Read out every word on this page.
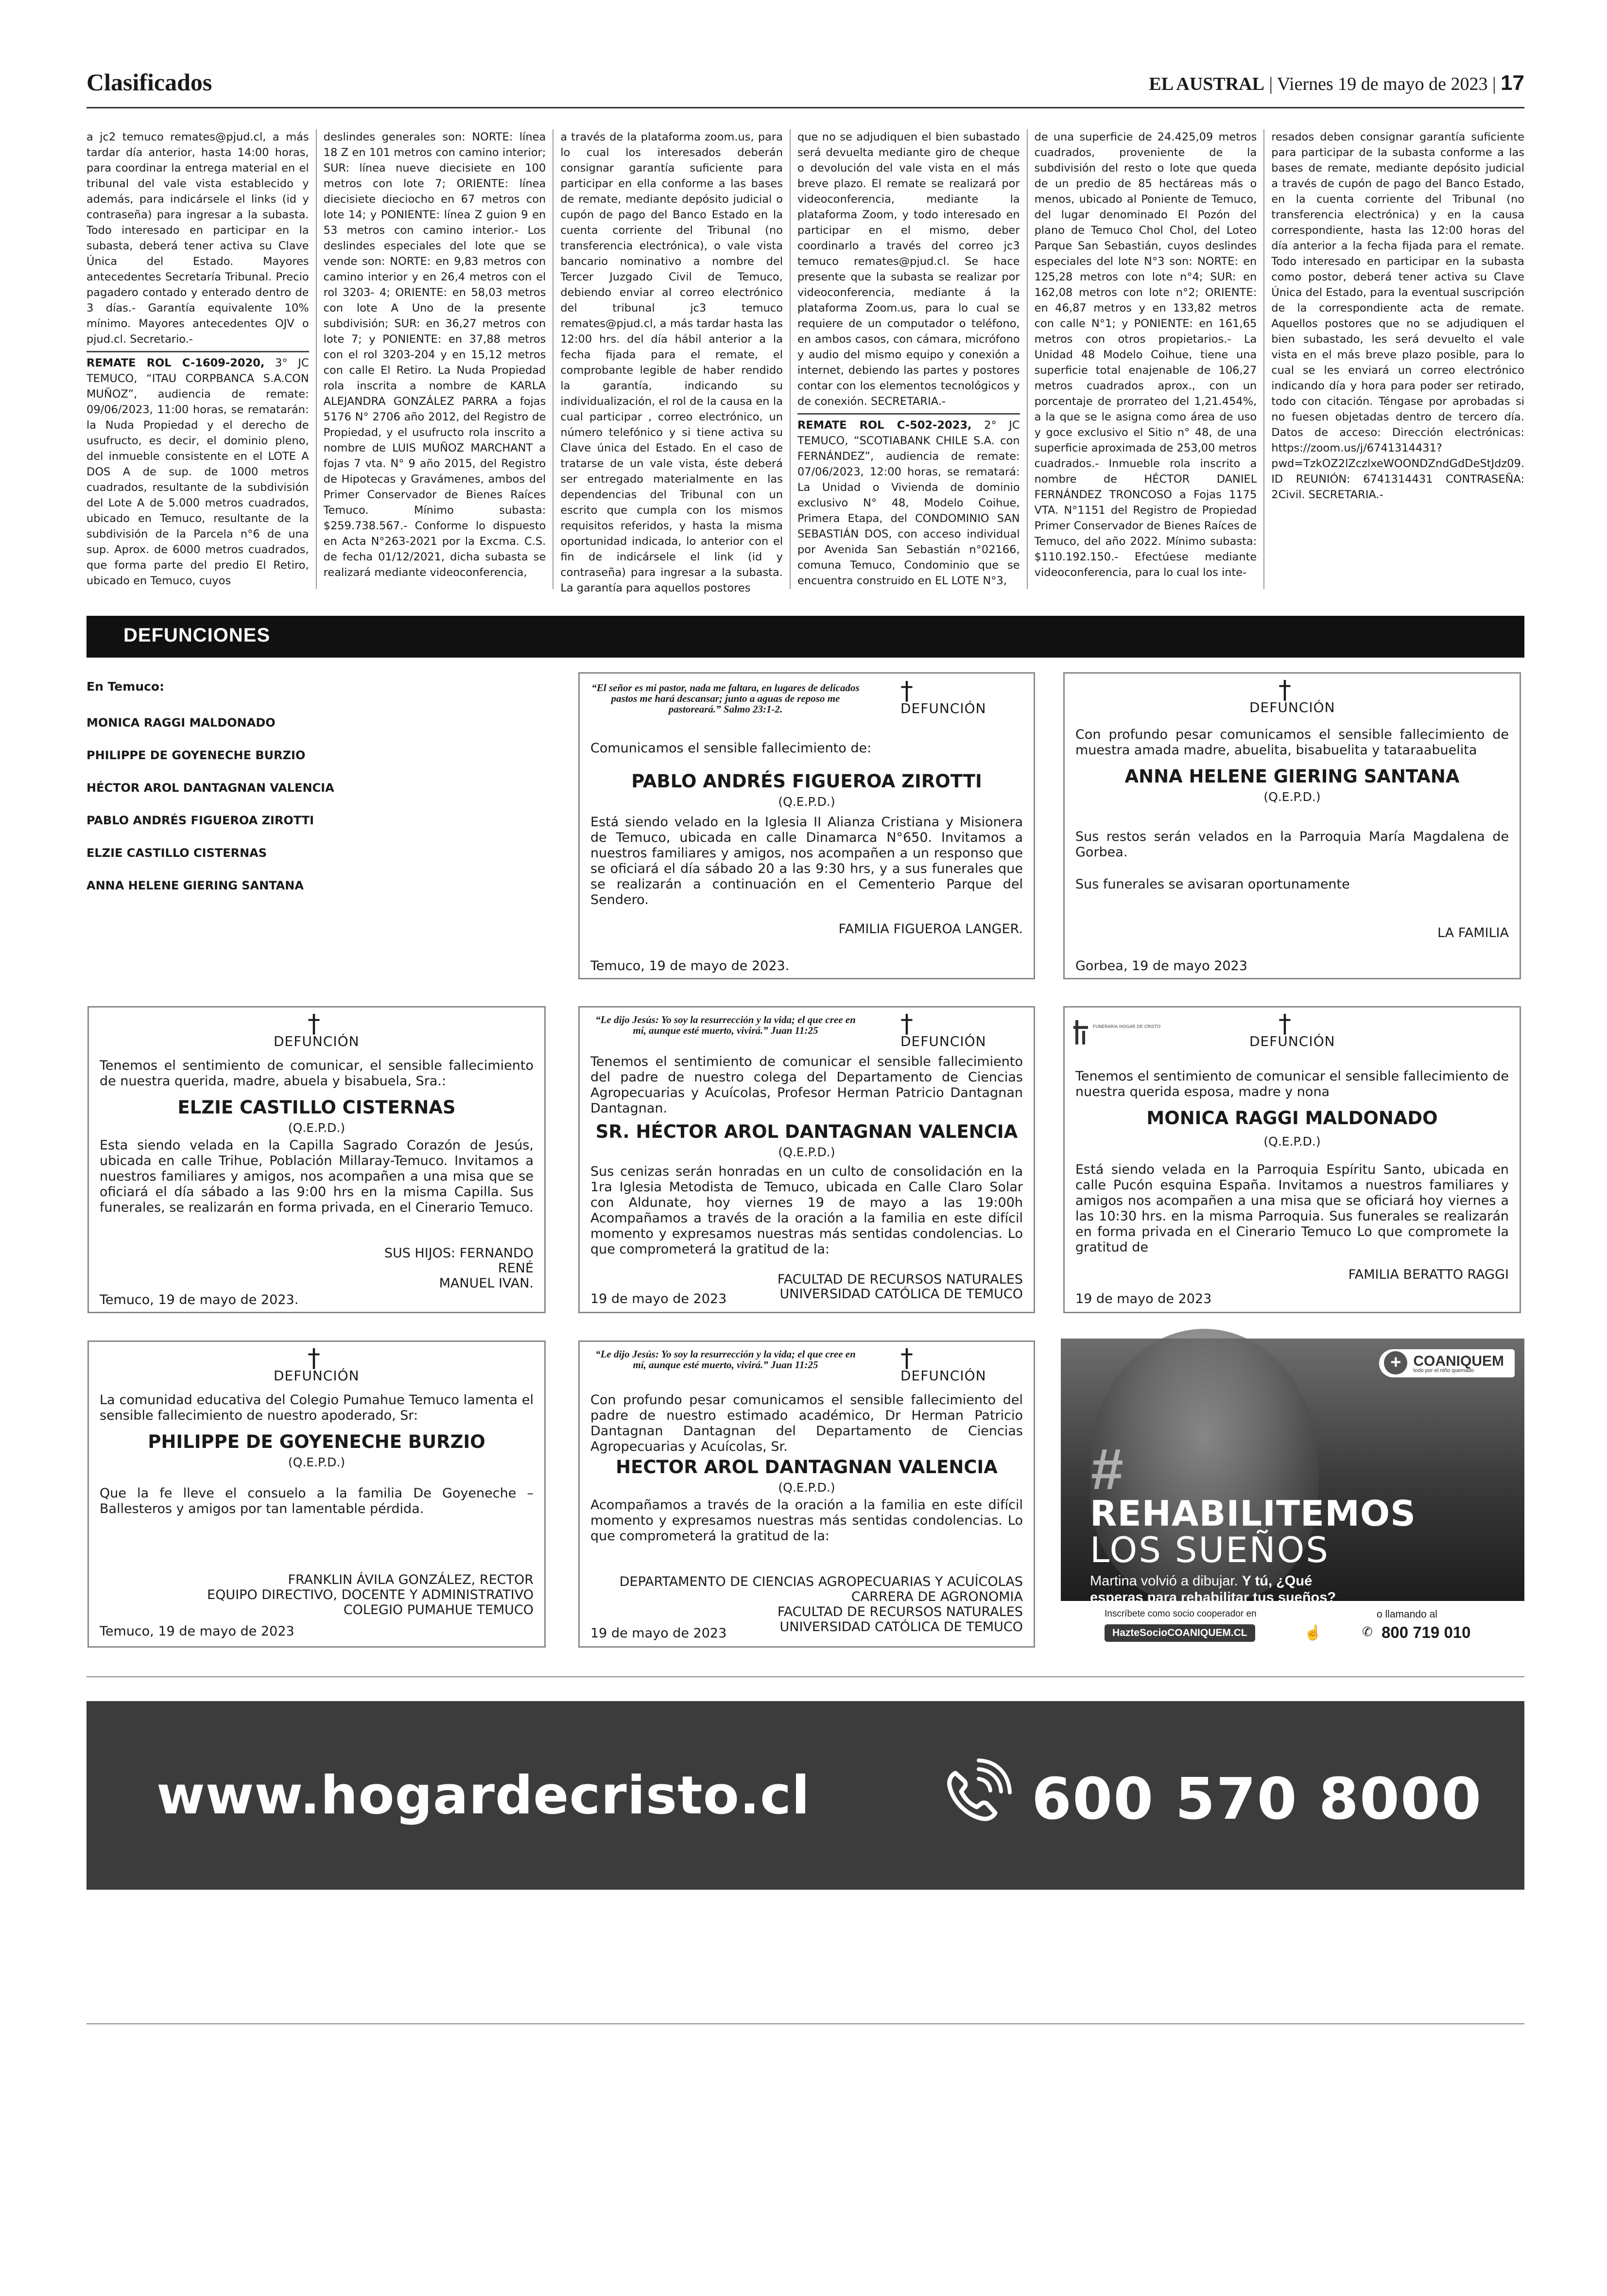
Clasificados	EL AUSTRAL | Viernes 19 de mayo de 2023 | 17

a jc2 temuco remates@pjud.cl, a más tardar día anterior, hasta 14:00 horas, para coordinar la entrega material en el tribunal del vale vista establecido y además, para indicársele el links (id y contraseña) para ingresar a la subasta. Todo interesado en participar en la subasta, deberá tener activa su Clave Única del Estado. Mayores antecedentes Secretaría Tribunal. Precio pagadero contado y enterado dentro de 3 días.- Garantía equivalente 10% mínimo. Mayores antecedentes OJV o pjud.cl. Secretario.-

REMATE ROL C-1609-2020, 3° JC TEMUCO, “ITAU CORPBANCA S.A.CON MUÑOZ”, audiencia de remate: 09/06/2023, 11:00 horas, se rematarán: la Nuda Propiedad y el derecho de usufructo, es decir, el dominio pleno, del inmueble consistente en el LOTE A DOS A de sup. de 1000 metros cuadrados, resultante de la subdivisión del Lote A de 5.000 metros cuadrados, ubicado en Temuco, resultante de la subdivisión de la Parcela n°6 de una sup. Aprox. de 6000 metros cuadrados, que forma parte del predio El Retiro, ubicado en Temuco, cuyos

deslindes generales son: NORTE: línea 18 Z en 101 metros con camino interior; SUR: línea nueve diecisiete en 100 metros con lote 7; ORIENTE: línea diecisiete dieciocho en 67 metros con lote 14; y PONIENTE: línea Z guion 9 en 53 metros con camino interior.- Los deslindes especiales del lote que se vende son: NORTE: en 9,83 metros con camino interior y en 26,4 metros con el rol 3203- 4; ORIENTE: en 58,03 metros con lote A Uno de la presente subdivisión; SUR: en 36,27 metros con lote 7; y PONIENTE: en 37,88 metros con el rol 3203-204 y en 15,12 metros con calle El Retiro. La Nuda Propiedad rola inscrita a nombre de KARLA ALEJANDRA GONZÁLEZ PARRA a fojas 5176 N° 2706 año 2012, del Registro de Propiedad, y el usufructo rola inscrito a nombre de LUIS MUÑOZ MARCHANT a fojas 7 vta. N° 9 año 2015, del Registro de Hipotecas y Gravámenes, ambos del Primer Conservador de Bienes Raíces Temuco. Mínimo subasta: $259.738.567.- Conforme lo dispuesto en Acta N°263-2021 por la Excma. C.S. de fecha 01/12/2021, dicha subasta se realizará mediante videoconferencia,

a través de la plataforma zoom.us, para lo cual los interesados deberán consignar garantía suficiente para participar en ella conforme a las bases de remate, mediante depósito judicial o cupón de pago del Banco Estado en la cuenta corriente del Tribunal (no transferencia electrónica), o vale vista bancario nominativo a nombre del Tercer Juzgado Civil de Temuco, debiendo enviar al correo electrónico del tribunal jc3 temuco remates@pjud.cl, a más tardar hasta las 12:00 hrs. del día hábil anterior a la fecha fijada para el remate, el comprobante legible de haber rendido la garantía, indicando su individualización, el rol de la causa en la cual participar , correo electrónico, un número telefónico y si tiene activa su Clave única del Estado. En el caso de tratarse de un vale vista, éste deberá ser entregado materialmente en las dependencias del Tribunal con un escrito que cumpla con los mismos requisitos referidos, y hasta la misma oportunidad indicada, lo anterior con el fin de indicársele el link (id y contraseña) para ingresar a la subasta. La garantía para aquellos postores

que no se adjudiquen el bien subastado será devuelta mediante giro de cheque o devolución del vale vista en el más breve plazo. El remate se realizará por videoconferencia, mediante la plataforma Zoom, y todo interesado en participar en el mismo, deber coordinarlo a través del correo jc3 temuco remates@pjud.cl. Se hace presente que la subasta se realizar por videoconferencia, mediante á la plataforma Zoom.us, para lo cual se requiere de un computador o teléfono, en ambos casos, con cámara, micrófono y audio del mismo equipo y conexión a internet, debiendo las partes y postores contar con los elementos tecnológicos y de conexión. SECRETARIA.-

REMATE ROL C-502-2023, 2° JC TEMUCO, “SCOTIABANK CHILE S.A. con FERNÁNDEZ”, audiencia de remate: 07/06/2023, 12:00 horas, se rematará: La Unidad o Vivienda de dominio exclusivo N° 48, Modelo Coihue, Primera Etapa, del CONDOMINIO SAN SEBASTIÁN DOS, con acceso individual por Avenida San Sebastián n°02166, comuna Temuco, Condominio que se encuentra construido en EL LOTE N°3,

de una superficie de 24.425,09 metros cuadrados, proveniente de la subdivisión del resto o lote que queda de un predio de 85 hectáreas más o menos, ubicado al Poniente de Temuco, del lugar denominado El Pozón del plano de Temuco Chol Chol, del Loteo Parque San Sebastián, cuyos deslindes especiales del lote N°3 son: NORTE: en 125,28 metros con lote n°4; SUR: en 162,08 metros con lote n°2; ORIENTE: en 46,87 metros y en 133,82 metros con calle N°1; y PONIENTE: en 161,65 metros con otros propietarios.- La Unidad 48 Modelo Coihue, tiene una superficie total enajenable de 106,27 metros cuadrados aprox., con un porcentaje de prorrateo del 1,21.454%, a la que se le asigna como área de uso y goce exclusivo el Sitio n° 48, de una superficie aproximada de 253,00 metros cuadrados.- Inmueble rola inscrito a nombre de HÉCTOR DANIEL FERNÁNDEZ TRONCOSO a Fojas 1175 VTA. N°1151 del Registro de Propiedad Primer Conservador de Bienes Raíces de Temuco, del año 2022. Mínimo subasta: $110.192.150.- Efectúese mediante videoconferencia, para lo cual los inte-

resados deben consignar garantía suficiente para participar de la subasta conforme a las bases de remate, mediante depósito judicial a través de cupón de pago del Banco Estado, en la cuenta corriente del Tribunal (no transferencia electrónica) y en la causa correspondiente, hasta las 12:00 horas del día anterior a la fecha fijada para el remate. Todo interesado en participar en la subasta como postor, deberá tener activa su Clave Única del Estado, para la eventual suscripción de la correspondiente acta de remate. Aquellos postores que no se adjudiquen el bien subastado, les será devuelto el vale vista en el más breve plazo posible, para lo cual se les enviará un correo electrónico indicando día y hora para poder ser retirado, todo con citación. Téngase por aprobadas si no fuesen objetadas dentro de tercero día. Datos de acceso: Dirección electrónicas: https://zoom.us/j/6741314431?pwd=TzkOZ2lZczlxeWOONDZndGdDeStJdz09. ID REUNIÓN: 6741314431 CONTRASEÑA: 2Civil. SECRETARIA.-

DEFUNCIONES
En Temuco:
MONICA RAGGI MALDONADO
PHILIPPE DE GOYENECHE BURZIO
HÉCTOR AROL DANTAGNAN VALENCIA
PABLO ANDRÉS FIGUEROA ZIROTTI
ELZIE CASTILLO CISTERNAS
ANNA HELENE GIERING SANTANA
“El señor es mi pastor, nada me faltara, en lugares de delicados pastos me hará descansar; junto a aguas de reposo me pastoreará.” Salmo 23:1-2.
†
DEFUNCIÓN
Comunicamos el sensible fallecimiento de:
PABLO ANDRÉS FIGUEROA ZIROTTI
(Q.E.P.D.)
Está siendo velado en la Iglesia II Alianza Cristiana y Misionera de Temuco, ubicada en calle Dinamarca N°650. Invitamos a nuestros familiares y amigos, nos acompañen a un responso que se oficiará el día sábado 20 a las 9:30 hrs, y a sus funerales que se realizarán a continuación en el Cementerio Parque del Sendero.
FAMILIA FIGUEROA LANGER.
Temuco, 19 de mayo de 2023.
†
DEFUNCIÓN
Con profundo pesar comunicamos el sensible fallecimiento de muestra amada madre, abuelita, bisabuelita y tataraabuelita
ANNA HELENE GIERING SANTANA
(Q.E.P.D.)
Sus restos serán velados en la Parroquia María Magdalena de Gorbea.
Sus funerales se avisaran oportunamente
LA FAMILIA
Gorbea, 19 de mayo 2023
†
DEFUNCIÓN
Tenemos el sentimiento de comunicar, el sensible fallecimiento de nuestra querida, madre, abuela y bisabuela, Sra.:
ELZIE CASTILLO CISTERNAS
(Q.E.P.D.)
Esta siendo velada en la Capilla Sagrado Corazón de Jesús, ubicada en calle Trihue, Población Millaray-Temuco. Invitamos a nuestros familiares y amigos, nos acompañen a una misa que se oficiará el día sábado a las 9:00 hrs en la misma Capilla. Sus funerales, se realizarán en forma privada, en el Cinerario Temuco.
SUS HIJOS: FERNANDO
RENÉ
MANUEL IVAN.
Temuco, 19 de mayo de 2023.
“Le dijo Jesús: Yo soy la resurrección y la vida; el que cree en mí, aunque esté muerto, vivirá.” Juan 11:25	†
DEFUNCIÓN
Tenemos el sentimiento de comunicar el sensible fallecimiento del padre de nuestro colega del Departamento de Ciencias Agropecuarias y Acuícolas, Profesor Herman Patricio Dantagnan Dantagnan.
SR. HÉCTOR AROL DANTAGNAN VALENCIA
(Q.E.P.D.)
Sus cenizas serán honradas en un culto de consolidación en la 1ra Iglesia Metodista de Temuco, ubicada en Calle Claro Solar con Aldunate, hoy viernes 19 de mayo a las 19:00h Acompañamos a través de la oración a la familia en este difícil momento y expresamos nuestras más sentidas condolencias. Lo que comprometerá la gratitud de la:
FACULTAD DE RECURSOS NATURALES
UNIVERSIDAD CATÓLICA DE TEMUCO
19 de mayo de 2023
FUNERARIA HOGAR DE CRISTO	†
DEFUNCIÓN
Tenemos el sentimiento de comunicar el sensible fallecimiento de nuestra querida esposa, madre y nona
MONICA RAGGI MALDONADO
(Q.E.P.D.)
Está siendo velada en la Parroquia Espíritu Santo, ubicada en calle Pucón esquina España. Invitamos a nuestros familiares y amigos nos acompañen a una misa que se oficiará hoy viernes a las 10:30 hrs. en la misma Parroquia. Sus funerales se realizarán en forma privada en el Cinerario Temuco Lo que compromete la gratitud de
FAMILIA BERATTO RAGGI
19 de mayo de 2023
†
DEFUNCIÓN
La comunidad educativa del Colegio Pumahue Temuco lamenta el sensible fallecimiento de nuestro apoderado, Sr:
PHILIPPE DE GOYENECHE BURZIO
(Q.E.P.D.)
Que la fe lleve el consuelo a la familia De Goyeneche – Ballesteros y amigos por tan lamentable pérdida.
FRANKLIN ÁVILA GONZÁLEZ, RECTOR
EQUIPO DIRECTIVO, DOCENTE Y ADMINISTRATIVO
COLEGIO PUMAHUE TEMUCO
Temuco, 19 de mayo de 2023
“Le dijo Jesús: Yo soy la resurrección y la vida; el que cree en mí, aunque esté muerto, vivirá.” Juan 11:25	†
DEFUNCIÓN
Con profundo pesar comunicamos el sensible fallecimiento del padre de nuestro estimado académico, Dr Herman Patricio Dantagnan Dantagnan del Departamento de Ciencias Agropecuarias y Acuícolas, Sr.
HECTOR AROL DANTAGNAN VALENCIA
(Q.E.P.D.)
Acompañamos a través de la oración a la familia en este difícil momento y expresamos nuestras más sentidas condolencias. Lo que comprometerá la gratitud de la:
DEPARTAMENTO DE CIENCIAS AGROPECUARIAS Y ACUÍCOLAS
CARRERA DE AGRONOMIA
FACULTAD DE RECURSOS NATURALES
UNIVERSIDAD CATÓLICA DE TEMUCO
19 de mayo de 2023
+ COANIQUEM
todo por el niño quemado
#
REHABILITEMOS
LOS SUEÑOS
Martina volvió a dibujar. Y tú, ¿Qué
esperas para rehabilitar tus sueños?
Inscríbete como socio cooperador en
HazteSocioCOANIQUEM.CL	☝
o llamando al
✆ 800 719 010
www.hogardecristo.cl	600 570 8000
